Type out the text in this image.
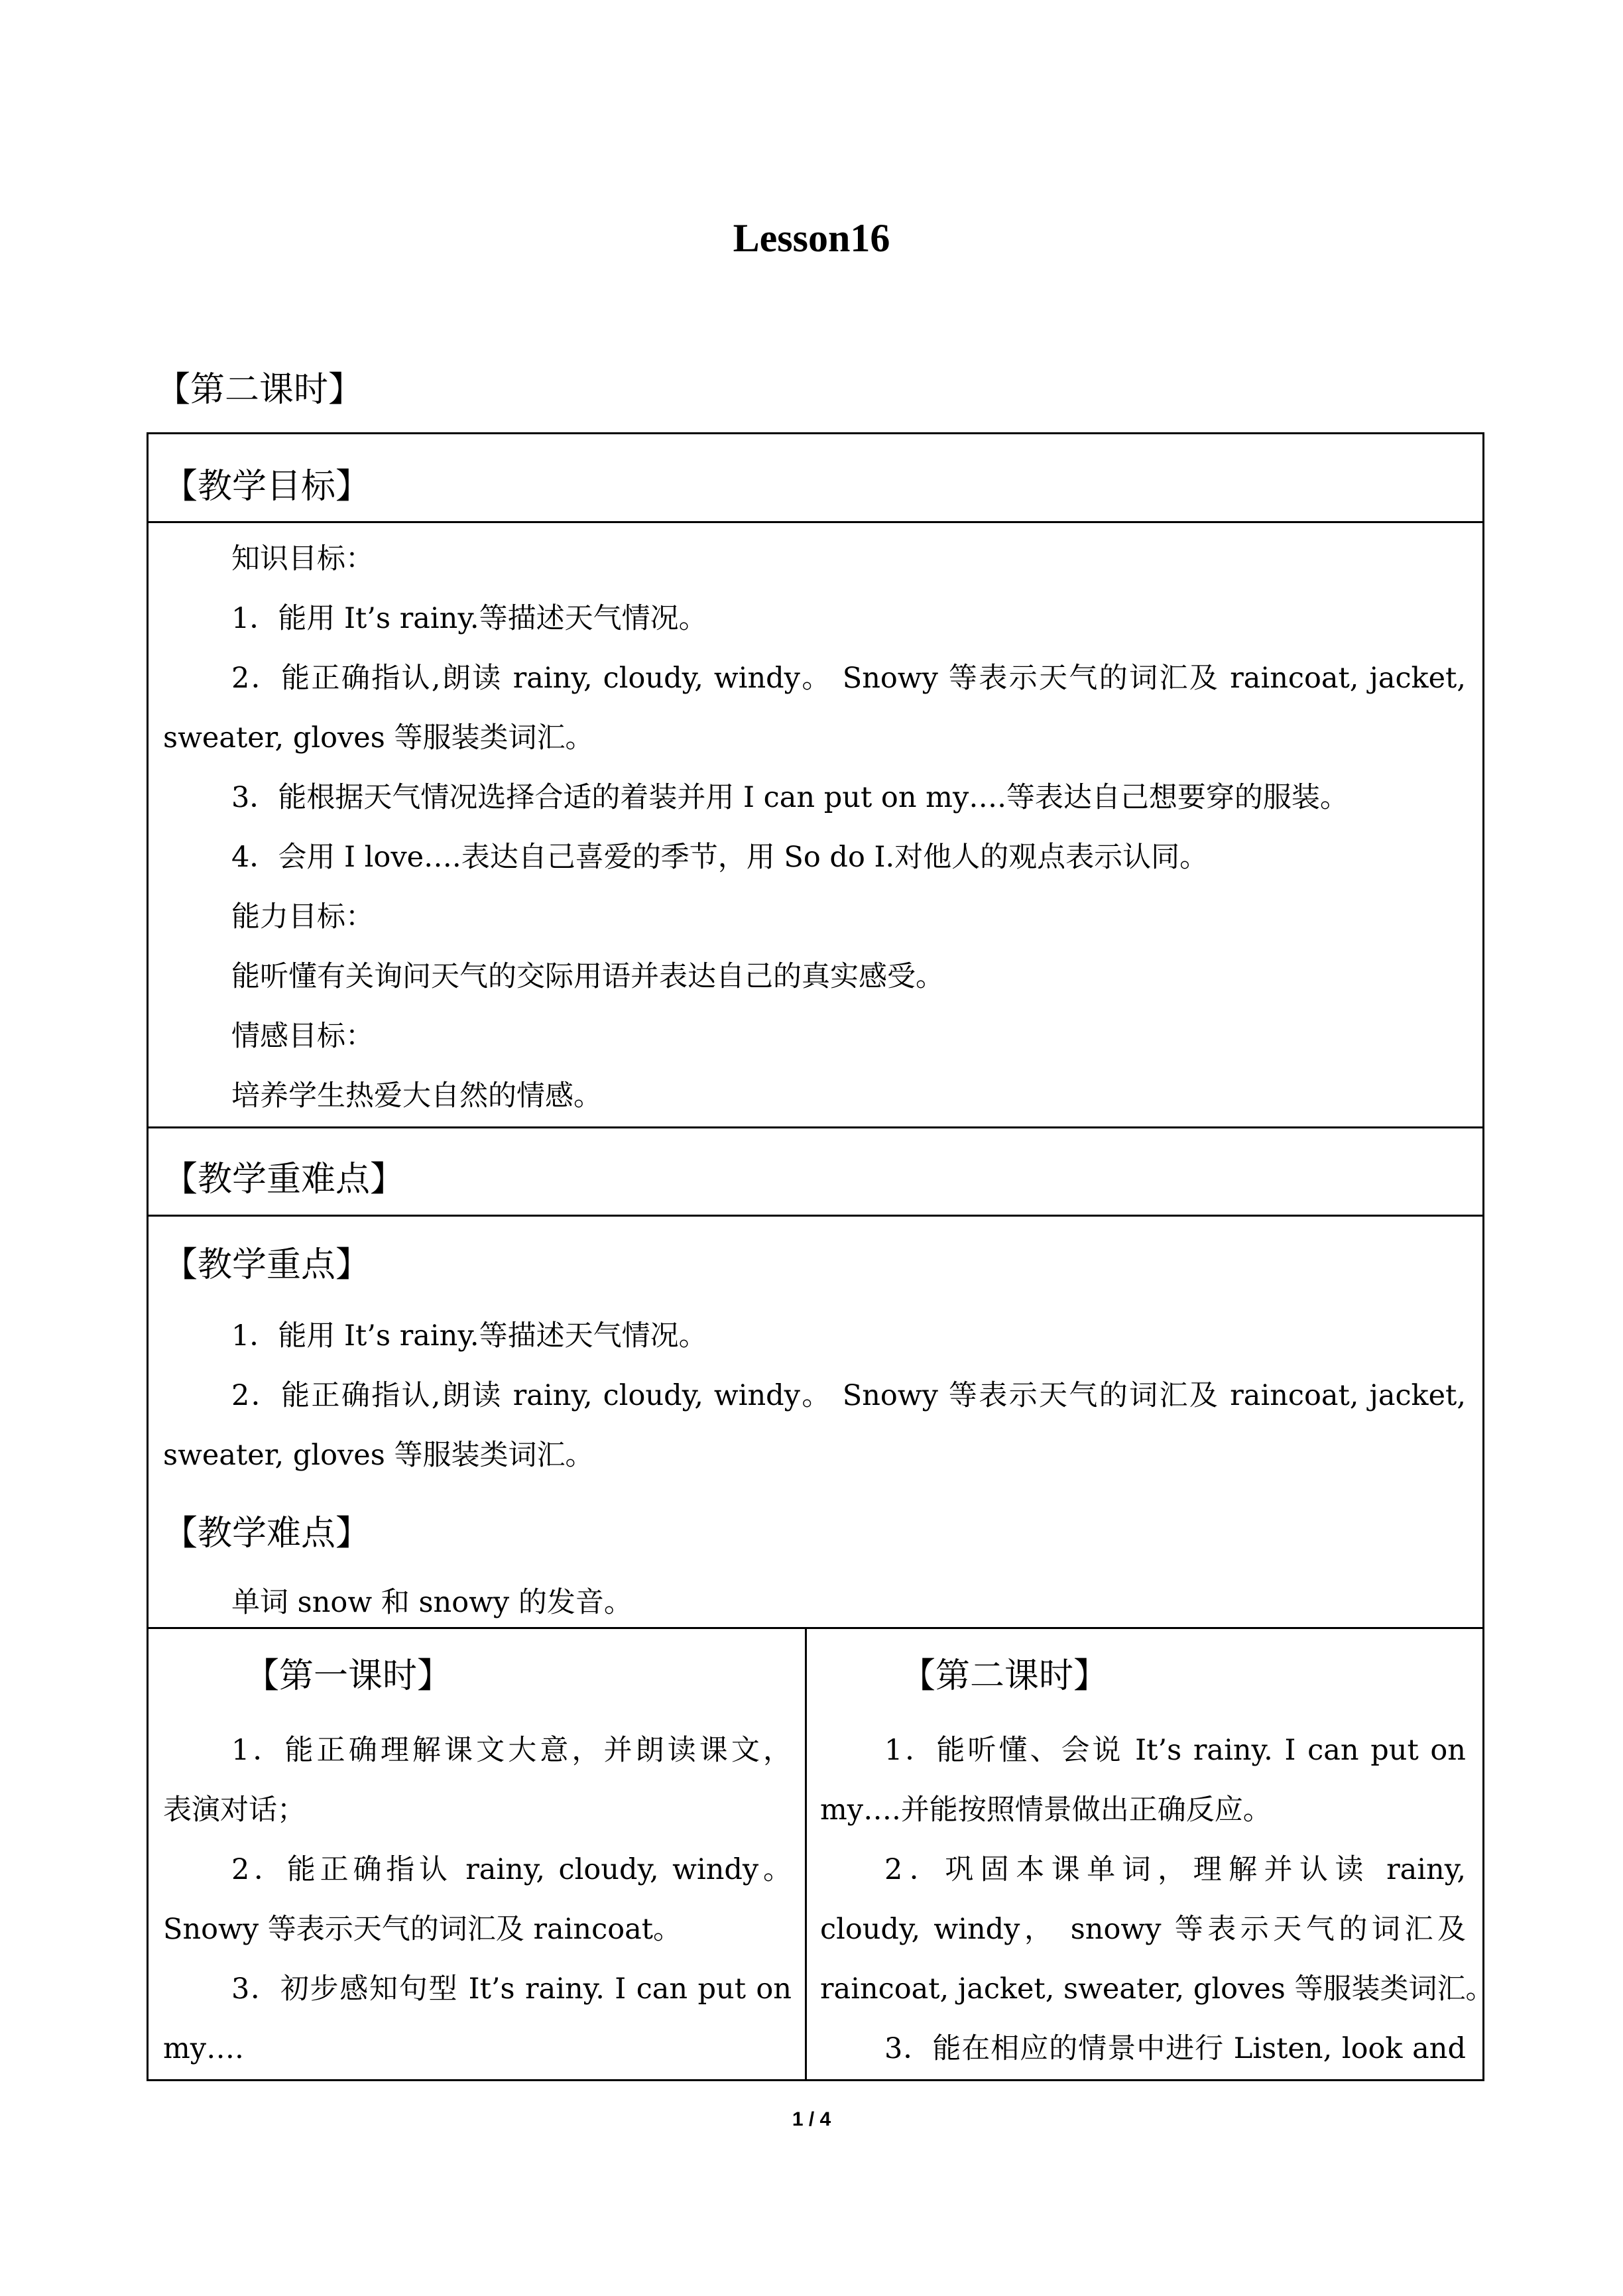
Lesson16
【第二课时】
【教学目标】
知识目标：
1．能用 It’s rainy.等描述天气情况。
2．能正确指认,朗读 rainy, cloudy, windy。 Snowy 等表示天气的词汇及 raincoat, jacket,
sweater, gloves 等服装类词汇。
3．能根据天气情况选择合适的着装并用 I can put on my….等表达自己想要穿的服装。
4．会用 I love….表达自己喜爱的季节，用 So do I.对他人的观点表示认同。
能力目标：
能听懂有关询问天气的交际用语并表达自己的真实感受。
情感目标：
培养学生热爱大自然的情感。
【教学重难点】
【教学重点】
1．能用 It’s rainy.等描述天气情况。
2．能正确指认,朗读 rainy, cloudy, windy。 Snowy 等表示天气的词汇及 raincoat, jacket,
sweater, gloves 等服装类词汇。
【教学难点】
单词 snow 和 snowy 的发音。
【第一课时】
1．能正确理解课文大意，并朗读课文，
表演对话；
2．能正确指认 rainy, cloudy, windy。
Snowy 等表示天气的词汇及 raincoat。
3．初步感知句型 It’s rainy. I can put on
my….
【第二课时】
1．能听懂、会说 It’s rainy. I can put on
my….并能按照情景做出正确反应。
2．巩固本课单词，理解并认读 rainy,
cloudy, windy， snowy 等表示天气的词汇及
raincoat, jacket, sweater, gloves 等服装类词汇。
3．能在相应的情景中进行 Listen, look and
1 / 4
